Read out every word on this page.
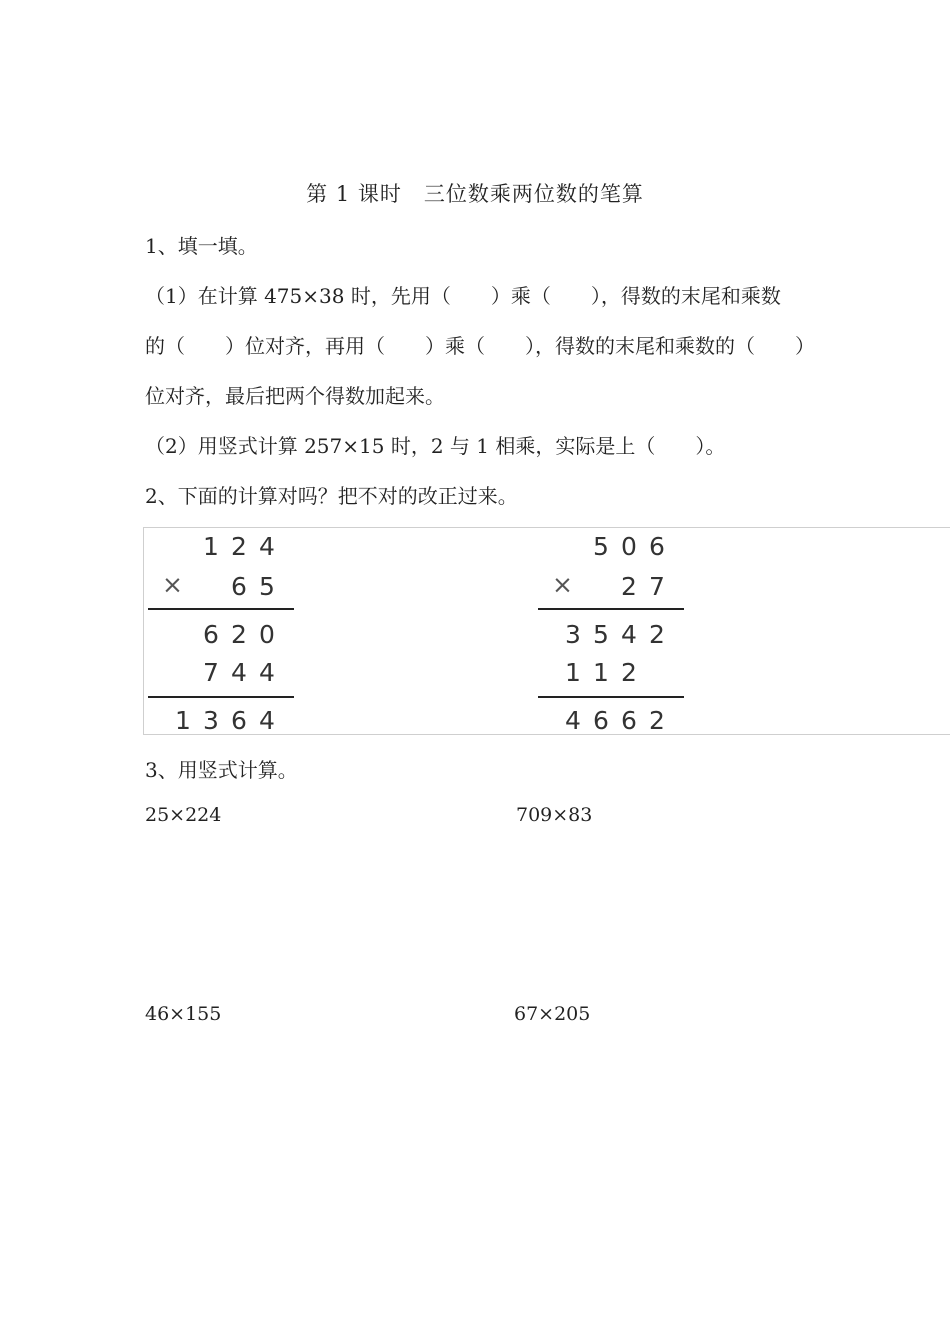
第 1 课时　三位数乘两位数的笔算
1、填一填。
（1）在计算 475×38 时，先用（　　）乘（　　），得数的末尾和乘数
的（　　）位对齐，再用（　　）乘（　　），得数的末尾和乘数的（　　）
位对齐，最后把两个得数加起来。
（2）用竖式计算 257×15 时，2 与 1 相乘，实际是上（　　）。
2、下面的计算对吗？把不对的改正过来。
1 2 4
× 6 5
6 2 0
7 4 4
1 3 6 4
5 0 6
× 2 7
3 5 4 2
1 1 2
4 6 6 2
3、用竖式计算。
25×224	709×83
46×155	67×205
